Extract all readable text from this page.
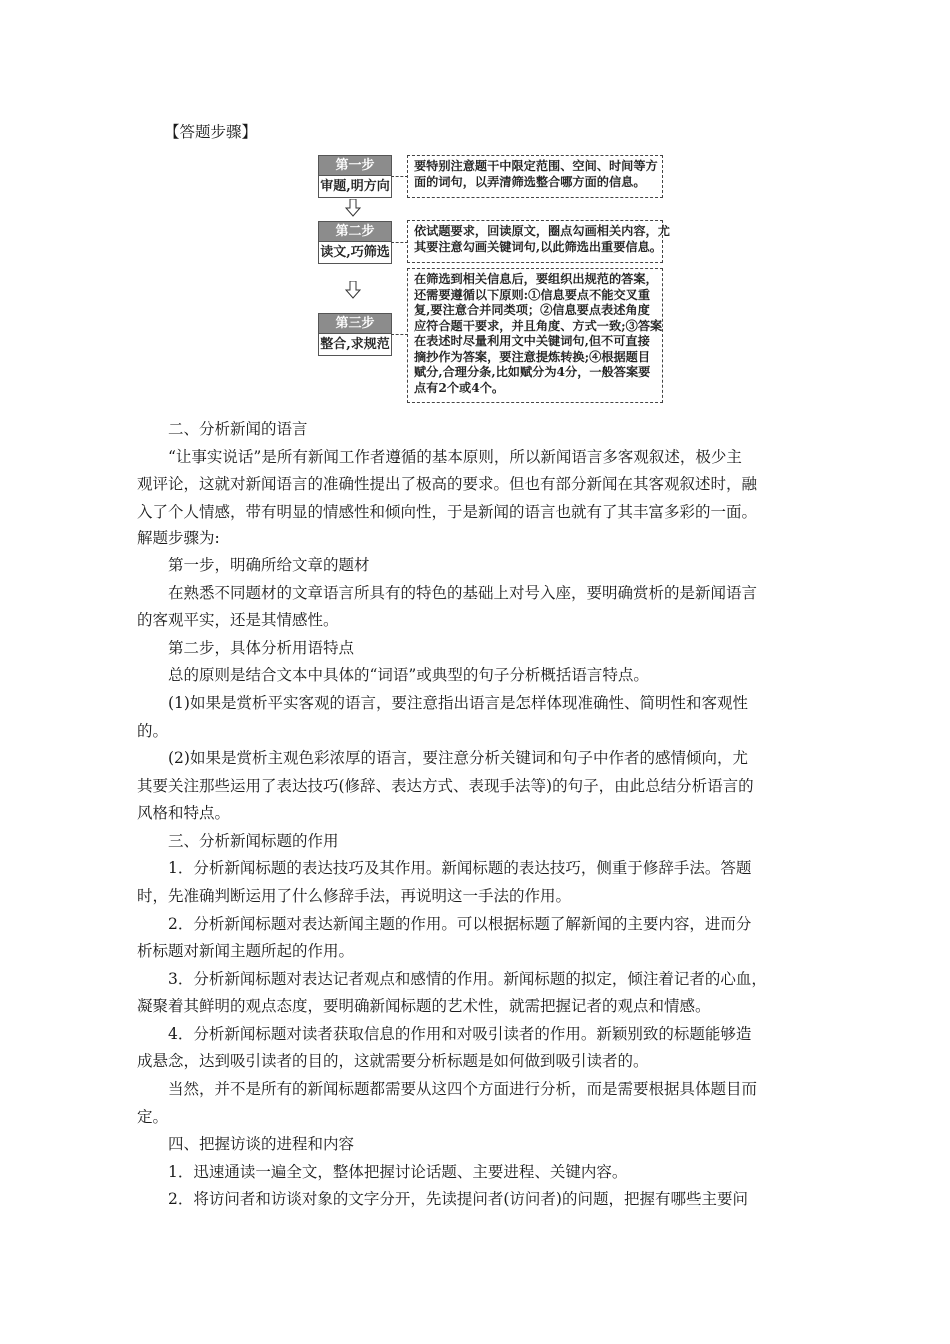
【答题步骤】
第一步
审题,明方向
第二步
读文,巧筛选
第三步
整合,求规范
要特别注意题干中限定范围、空间、时间等方
面的词句，以弄清筛选整合哪方面的信息。
依试题要求，回读原文，圈点勾画相关内容，尤
其要注意勾画关键词句,以此筛选出重要信息。
在筛选到相关信息后，要组织出规范的答案，
还需要遵循以下原则:①信息要点不能交叉重
复,要注意合并同类项；②信息要点表述角度
应符合题干要求，并且角度、方式一致;③答案
在表述时尽量利用文中关键词句,但不可直接
摘抄作为答案，要注意提炼转换;④根据题目
赋分,合理分条,比如赋分为4分，一般答案要
点有2个或4个。
　　二、分析新闻的语言
　　“让事实说话”是所有新闻工作者遵循的基本原则，所以新闻语言多客观叙述，极少主
观评论，这就对新闻语言的准确性提出了极高的要求。但也有部分新闻在其客观叙述时，融
入了个人情感，带有明显的情感性和倾向性，于是新闻的语言也就有了其丰富多彩的一面。
解题步骤为:
　　第一步，明确所给文章的题材
　　在熟悉不同题材的文章语言所具有的特色的基础上对号入座，要明确赏析的是新闻语言
的客观平实，还是其情感性。
　　第二步，具体分析用语特点
　　总的原则是结合文本中具体的“词语”或典型的句子分析概括语言特点。
　　(1)如果是赏析平实客观的语言，要注意指出语言是怎样体现准确性、简明性和客观性
的。
　　(2)如果是赏析主观色彩浓厚的语言，要注意分析关键词和句子中作者的感情倾向，尤
其要关注那些运用了表达技巧(修辞、表达方式、表现手法等)的句子，由此总结分析语言的
风格和特点。
　　三、分析新闻标题的作用
　　1．分析新闻标题的表达技巧及其作用。新闻标题的表达技巧，侧重于修辞手法。答题
时，先准确判断运用了什么修辞手法，再说明这一手法的作用。
　　2．分析新闻标题对表达新闻主题的作用。可以根据标题了解新闻的主要内容，进而分
析标题对新闻主题所起的作用。
　　3．分析新闻标题对表达记者观点和感情的作用。新闻标题的拟定，倾注着记者的心血，
凝聚着其鲜明的观点态度，要明确新闻标题的艺术性，就需把握记者的观点和情感。
　　4．分析新闻标题对读者获取信息的作用和对吸引读者的作用。新颖别致的标题能够造
成悬念，达到吸引读者的目的，这就需要分析标题是如何做到吸引读者的。
　　当然，并不是所有的新闻标题都需要从这四个方面进行分析，而是需要根据具体题目而
定。
　　四、把握访谈的进程和内容
　　1．迅速通读一遍全文，整体把握讨论话题、主要进程、关键内容。
　　2．将访问者和访谈对象的文字分开，先读提问者(访问者)的问题，把握有哪些主要问
